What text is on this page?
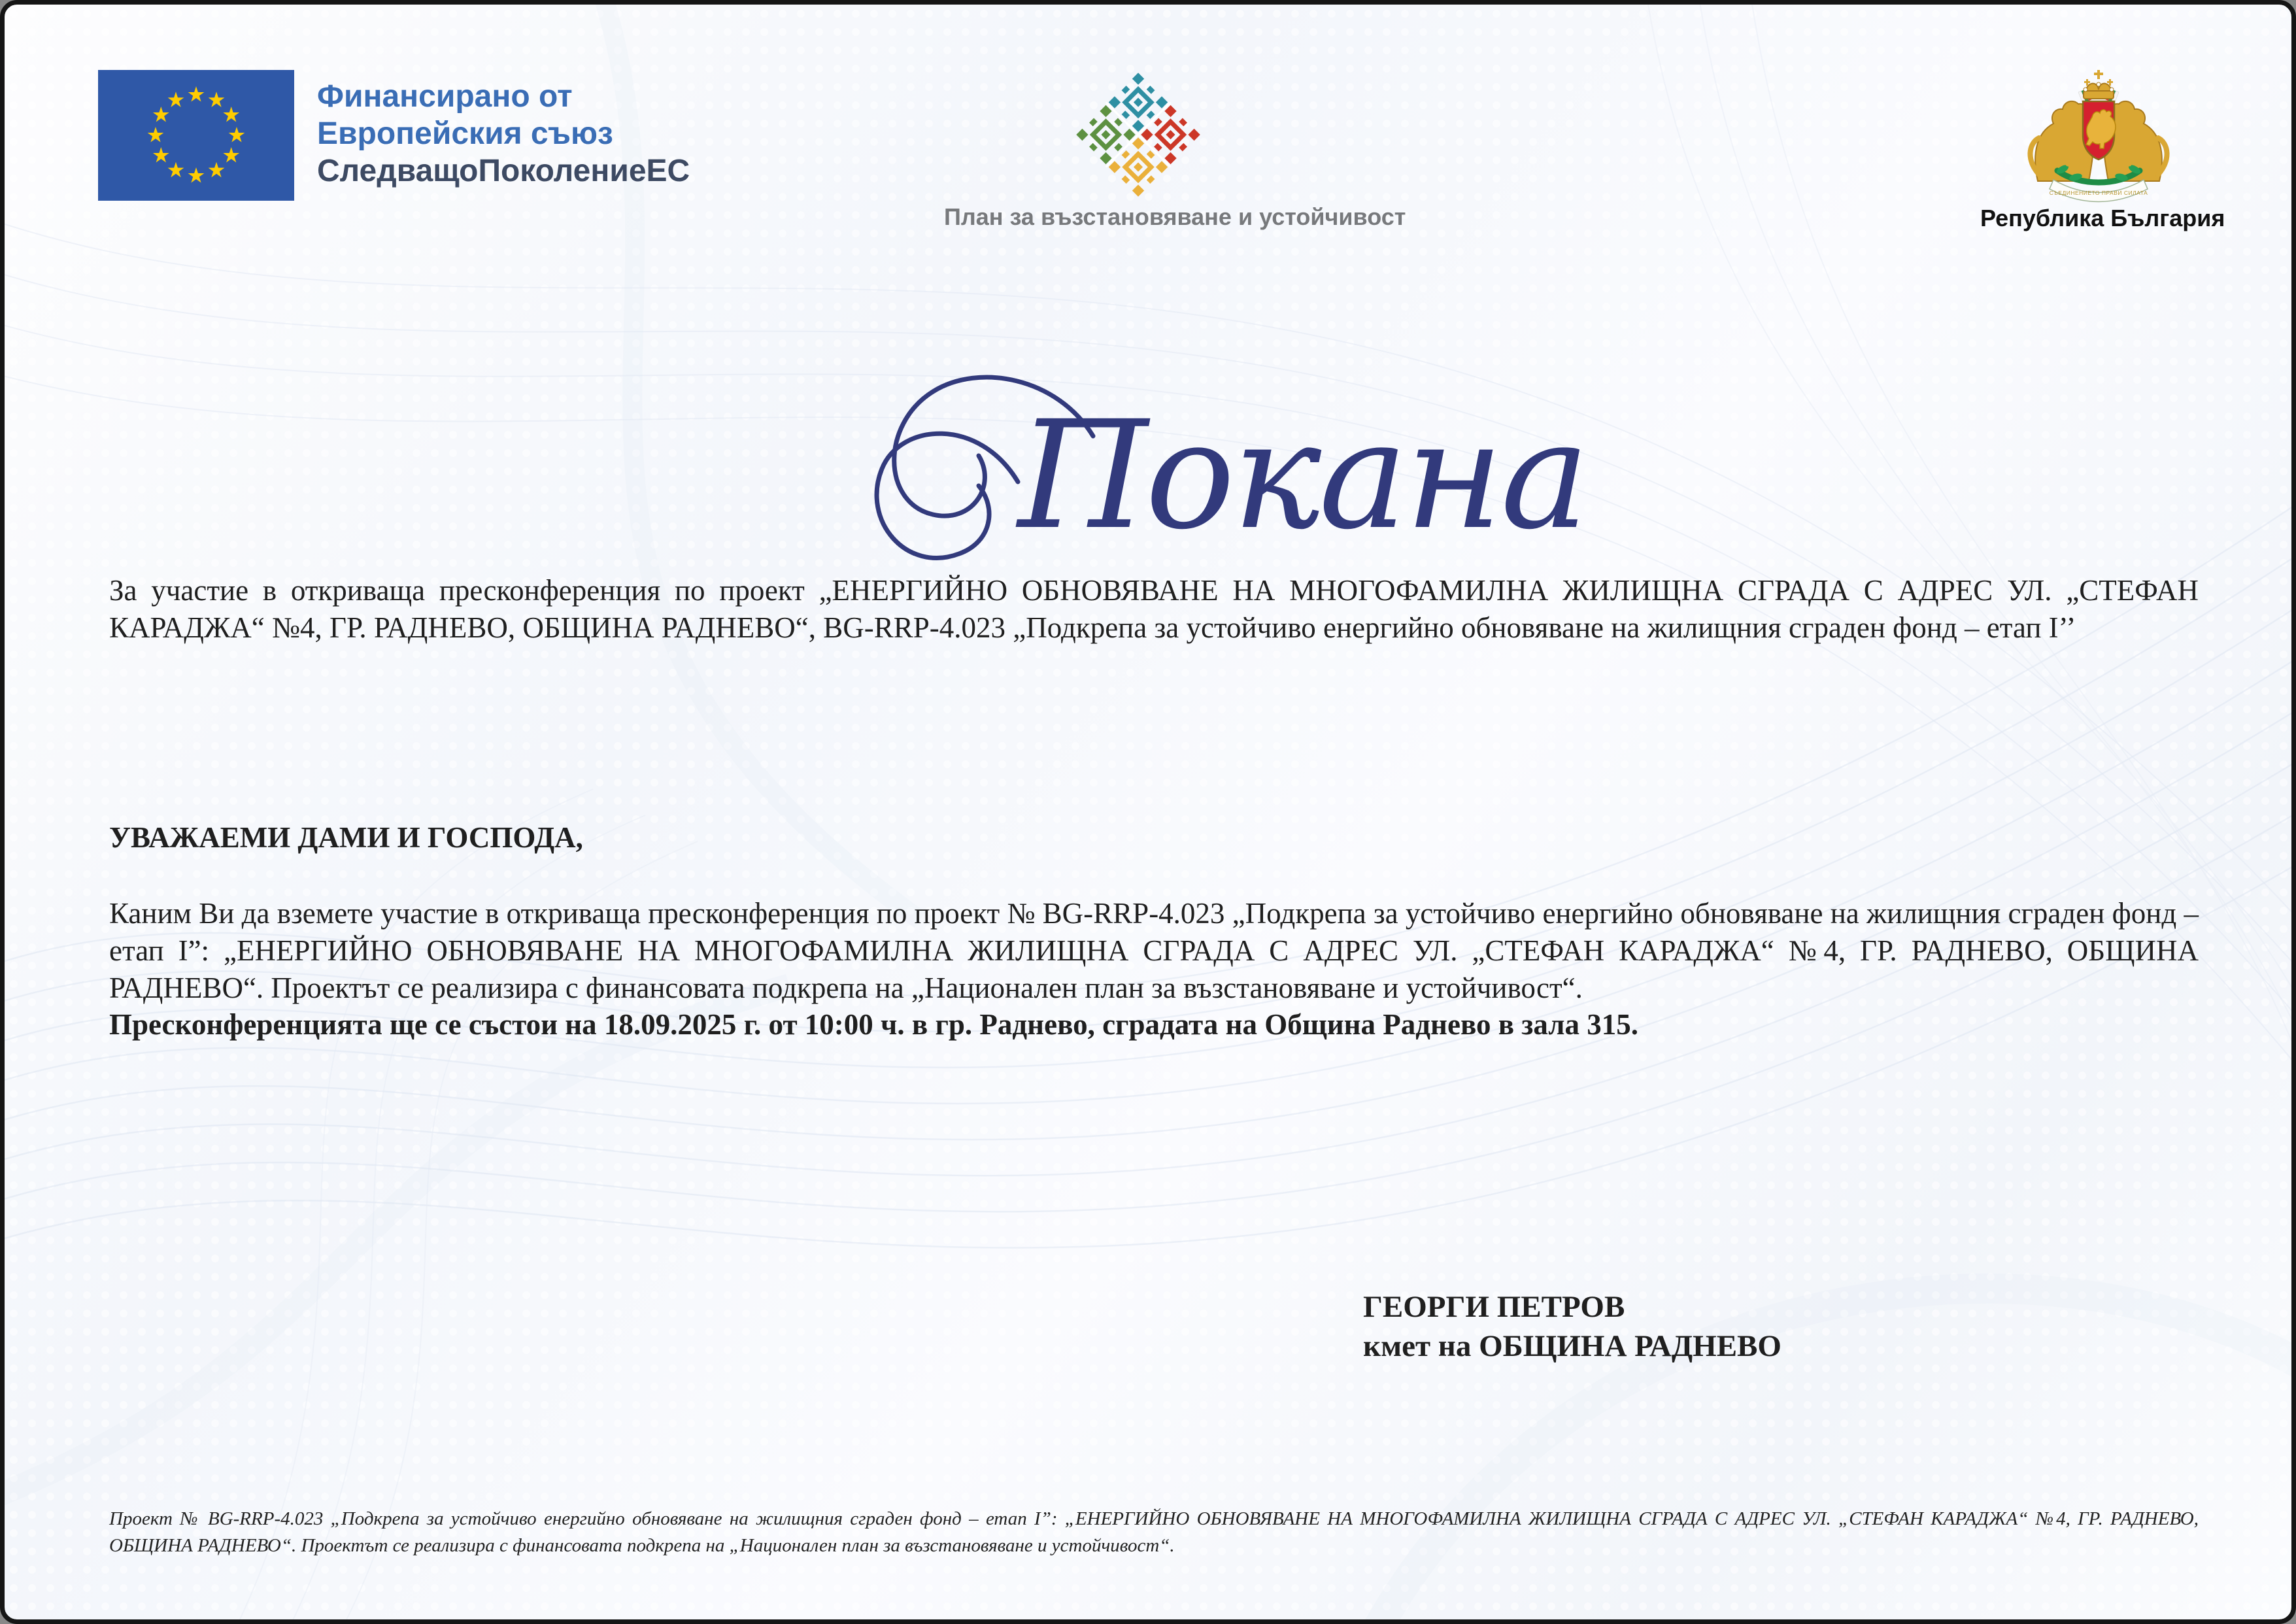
Финансирано от
Европейския съюз
СледващоПоколениеЕС
План за възстановяване и устойчивост
СЪЕДИНЕНИЕТО ПРАВИ СИЛАТА
Република България
Покана

За участие в откриваща пресконференция по проект „ЕНЕРГИЙНО ОБНОВЯВАНЕ НА МНОГОФАМИЛНА ЖИЛИЩНА СГРАДА С АДРЕС УЛ. „СТЕФАН КАРАДЖА“ №4, ГР. РАДНЕВО, ОБЩИНА РАДНЕВО“, BG-RRP-4.023 „Подкрепа за устойчиво енергийно обновяване на жилищния сграден фонд – етап I’’

УВАЖАЕМИ ДАМИ И ГОСПОДА,

Каним Ви да вземете участие в откриваща пресконференция по проект № BG-RRP-4.023 „Подкрепа за устойчиво енергийно обновяване на жилищния сграден фонд – етап I”: „ЕНЕРГИЙНО ОБНОВЯВАНЕ НА МНОГОФАМИЛНА ЖИЛИЩНА СГРАДА С АДРЕС УЛ. „СТЕФАН КАРАДЖА“ №4, ГР. РАДНЕВО, ОБЩИНА РАДНЕВО“. Проектът се реализира с финансовата подкрепа на „Национален план за възстановяване и устойчивост“.

Пресконференцията ще се състои на 18.09.2025 г. от 10:00 ч. в гр. Раднево, сградата на Община Раднево в зала 315.

ГЕОРГИ ПЕТРОВ
кмет на ОБЩИНА РАДНЕВО

Проект № BG-RRP-4.023 „Подкрепа за устойчиво енергийно обновяване на жилищния сграден фонд – етап I”: „ЕНЕРГИЙНО ОБНОВЯВАНЕ НА МНОГОФАМИЛНА ЖИЛИЩНА СГРАДА С АДРЕС УЛ. „СТЕФАН КАРАДЖА“ №4, ГР. РАДНЕВО, ОБЩИНА РАДНЕВО“. Проектът се реализира с финансовата подкрепа на „Национален план за възстановяване и устойчивост“.
